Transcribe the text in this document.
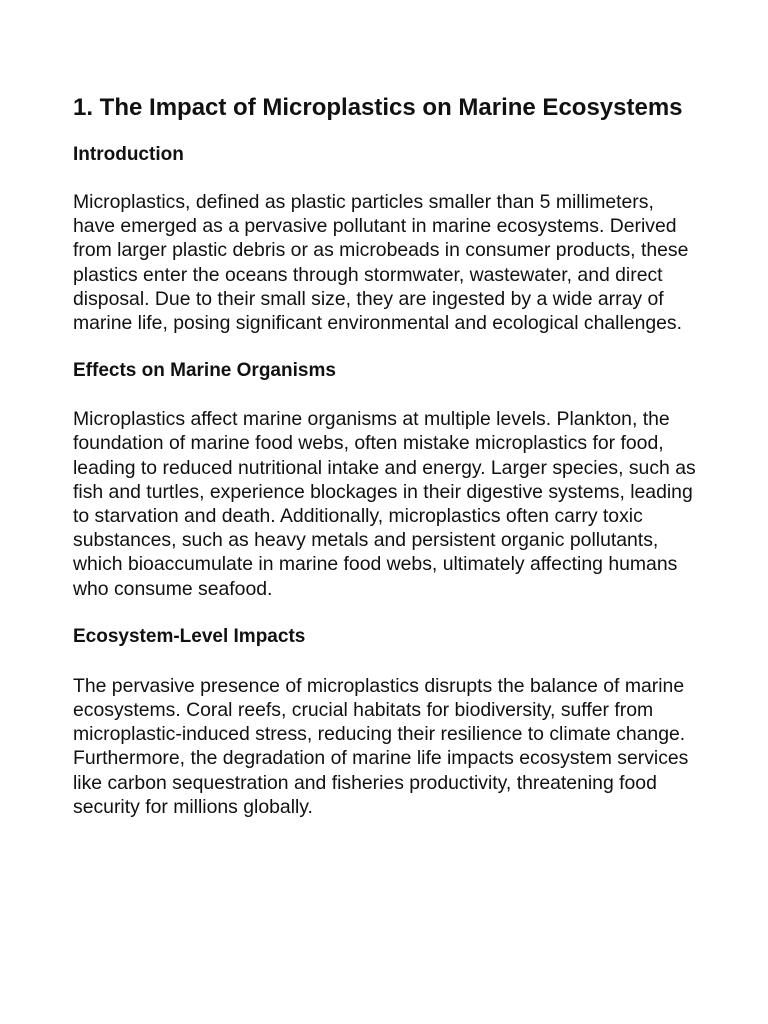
1. The Impact of Microplastics on Marine Ecosystems
Introduction

Microplastics, defined as plastic particles smaller than 5 millimeters, have emerged as a pervasive pollutant in marine ecosystems. Derived from larger plastic debris or as microbeads in consumer products, these plastics enter the oceans through stormwater, wastewater, and direct disposal. Due to their small size, they are ingested by a wide array of marine life, posing significant environmental and ecological challenges.

Effects on Marine Organisms

Microplastics affect marine organisms at multiple levels. Plankton, the foundation of marine food webs, often mistake microplastics for food, leading to reduced nutritional intake and energy. Larger species, such as fish and turtles, experience blockages in their digestive systems, leading to starvation and death. Additionally, microplastics often carry toxic substances, such as heavy metals and persistent organic pollutants, which bioaccumulate in marine food webs, ultimately affecting humans who consume seafood.

Ecosystem-Level Impacts

The pervasive presence of microplastics disrupts the balance of marine ecosystems. Coral reefs, crucial habitats for biodiversity, suffer from microplastic-induced stress, reducing their resilience to climate change. Furthermore, the degradation of marine life impacts ecosystem services like carbon sequestration and fisheries productivity, threatening food security for millions globally.
